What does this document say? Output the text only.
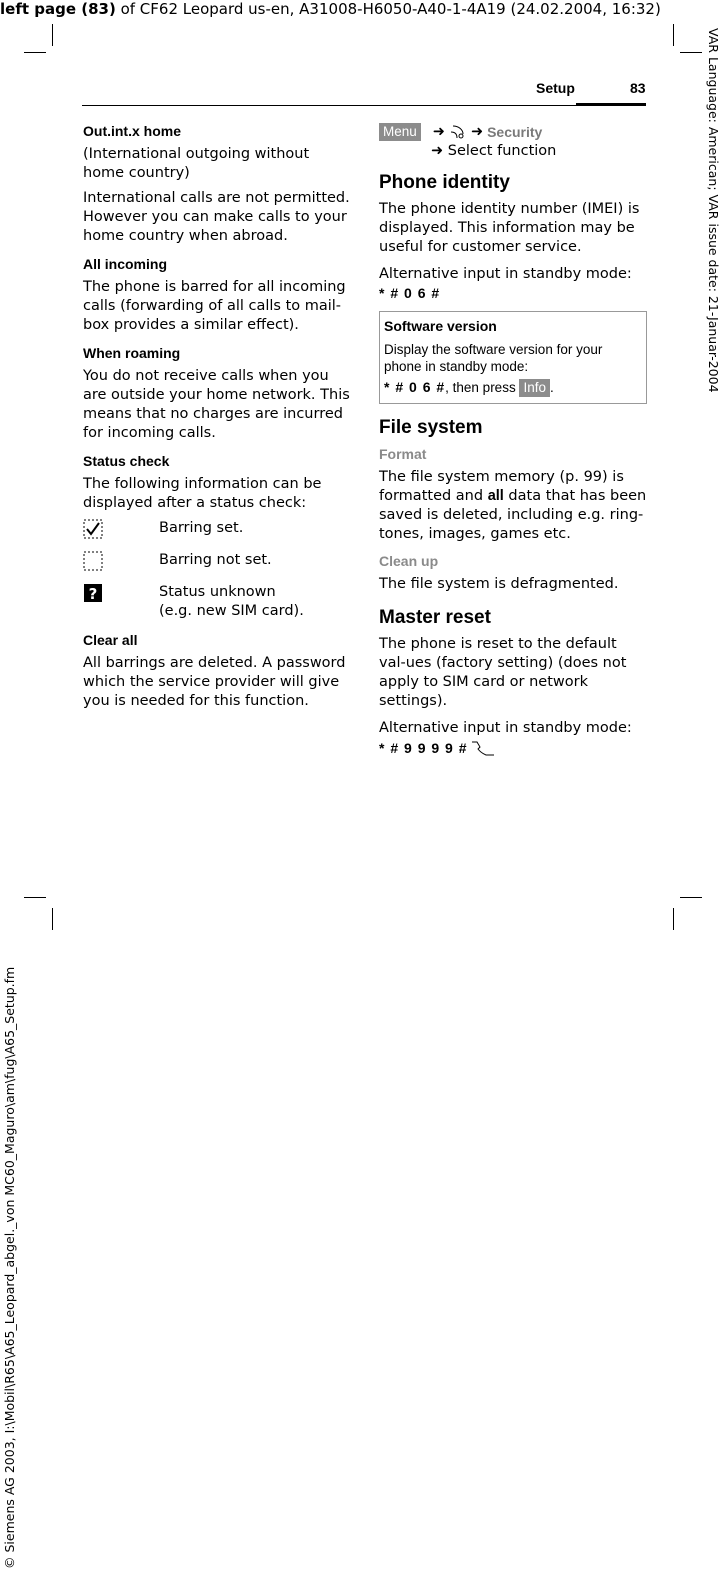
left page (83) of CF62 Leopard us-en, A31008-H6050-A40-1-4A19 (24.02.2004, 16:32)
VAR Language: American; VAR issue date: 21-Januar-2004
© Siemens AG 2003, I:\Mobil\R65\A65_Leopard_abgel._von MC60_Maguro\am\fug\A65_Setup.fm
Setup	83
Out.int.x home

(International outgoing without home country)

International calls are not permitted. However you can make calls to your home country when abroad.

All incoming

The phone is barred for all incoming calls (forwarding of all calls to mail-box provides a similar effect).

When roaming

You do not receive calls when you are outside your home network. This means that no charges are incurred for incoming calls.

Status check

The following information can be displayed after a status check:

Barring set.
Barring not set.
?	Status unknown
(e.g. new SIM card).
Clear all

All barrings are deleted. A password which the service provider will give you is needed for this function.

Menu ➜ ➜ Security
➜ Select function
Phone identity

The phone identity number (IMEI) is displayed. This information may be useful for customer service.

Alternative input in standby mode:

* # 0 6 #
Software version
Display the software version for your phone in standby mode:
* # 0 6 #, then press Info .
File system
Format

The file system memory (p. 99) is formatted and all data that has been saved is deleted, including e.g. ring-tones, images, games etc.

Clean up

The file system is defragmented.

Master reset

The phone is reset to the default val-ues (factory setting) (does not apply to SIM card or network settings).

Alternative input in standby mode:

* # 9 9 9 9 #
